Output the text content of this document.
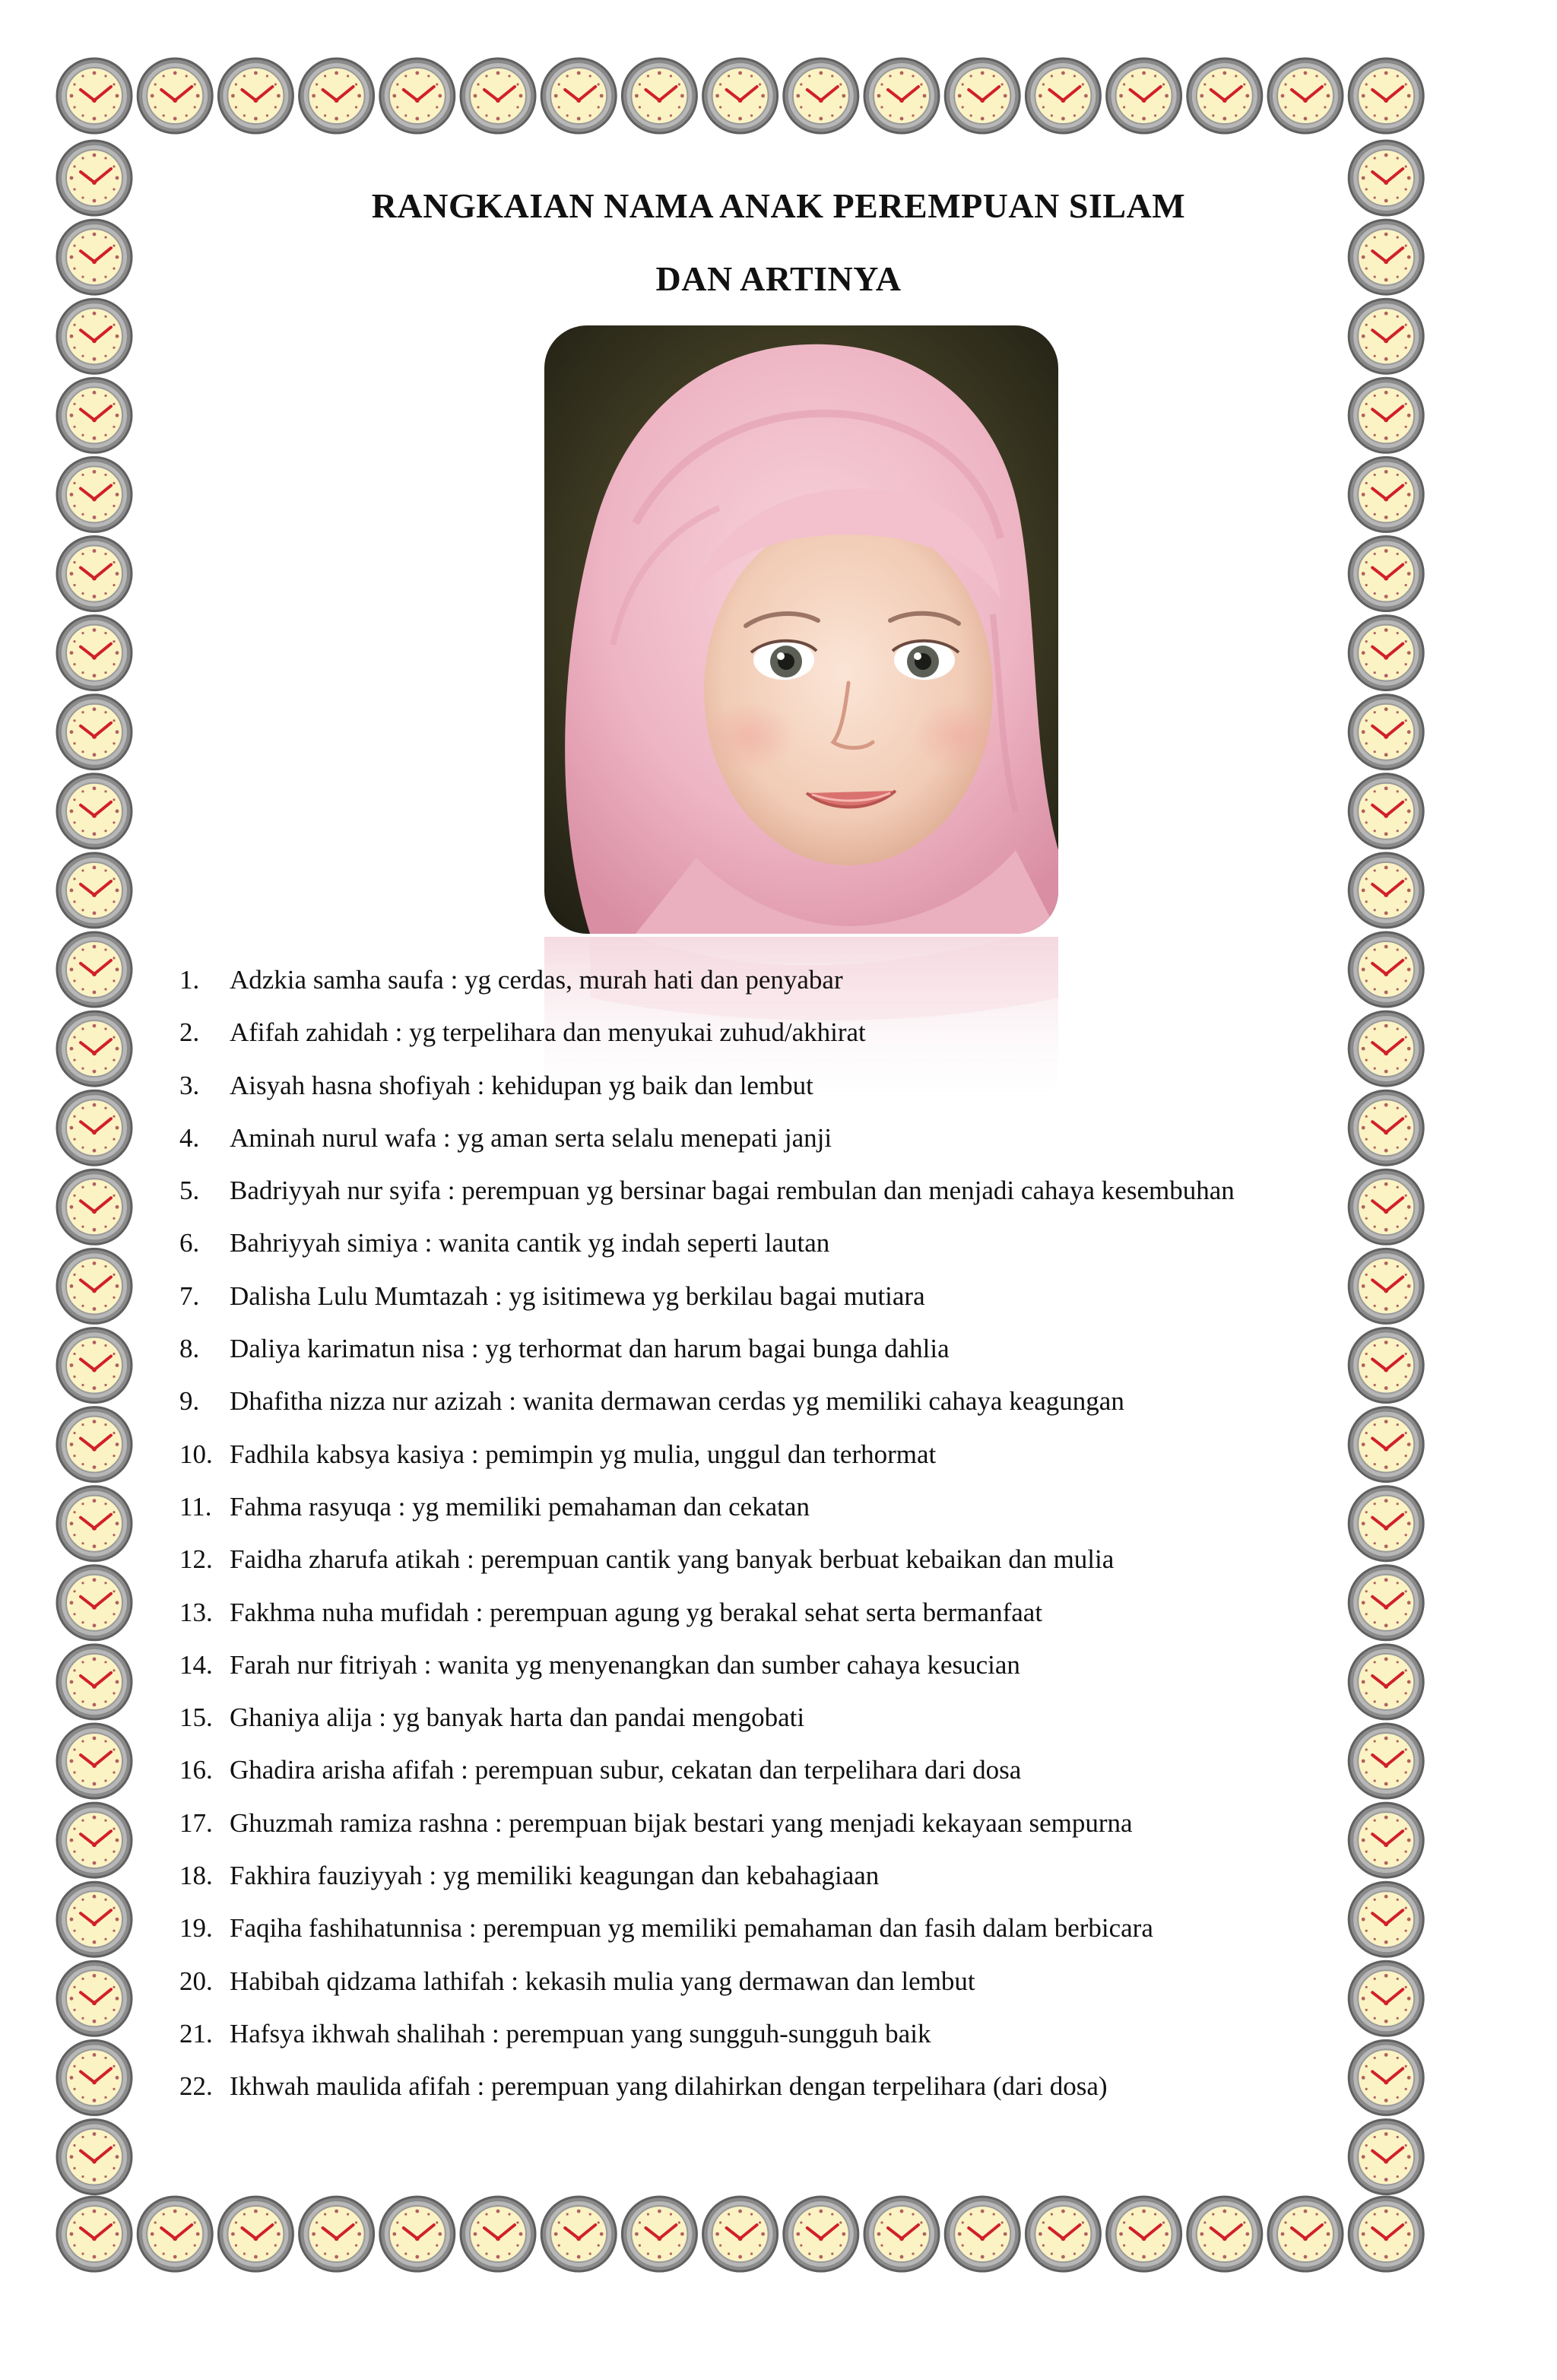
RANGKAIAN NAMA ANAK PEREMPUAN SILAM
DAN ARTINYA
1. Adzkia samha saufa : yg cerdas, murah hati dan penyabar
2. Afifah zahidah : yg terpelihara dan menyukai zuhud/akhirat
3. Aisyah hasna shofiyah : kehidupan yg baik dan lembut
4. Aminah nurul wafa : yg aman serta selalu menepati janji
5. Badriyyah nur syifa : perempuan yg bersinar bagai rembulan dan menjadi cahaya kesembuhan
6. Bahriyyah simiya : wanita cantik yg indah seperti lautan
7. Dalisha Lulu Mumtazah : yg isitimewa yg berkilau bagai mutiara
8. Daliya karimatun nisa : yg terhormat dan harum bagai bunga dahlia
9. Dhafitha nizza nur azizah : wanita dermawan cerdas yg memiliki cahaya keagungan
10. Fadhila kabsya kasiya : pemimpin yg mulia, unggul dan terhormat
11. Fahma rasyuqa : yg memiliki pemahaman dan cekatan
12. Faidha zharufa atikah : perempuan cantik yang banyak berbuat kebaikan dan mulia
13. Fakhma nuha mufidah : perempuan agung yg berakal sehat serta bermanfaat
14. Farah nur fitriyah : wanita yg menyenangkan dan sumber cahaya kesucian
15. Ghaniya alija : yg banyak harta dan pandai mengobati
16. Ghadira arisha afifah : perempuan subur, cekatan dan terpelihara dari dosa
17. Ghuzmah ramiza rashna : perempuan bijak bestari yang menjadi kekayaan sempurna
18. Fakhira fauziyyah : yg memiliki keagungan dan kebahagiaan
19. Faqiha fashihatunnisa : perempuan yg memiliki pemahaman dan fasih dalam berbicara
20. Habibah qidzama lathifah : kekasih mulia yang dermawan dan lembut
21. Hafsya ikhwah shalihah : perempuan yang sungguh-sungguh baik
22. Ikhwah maulida afifah : perempuan yang dilahirkan dengan terpelihara (dari dosa)
